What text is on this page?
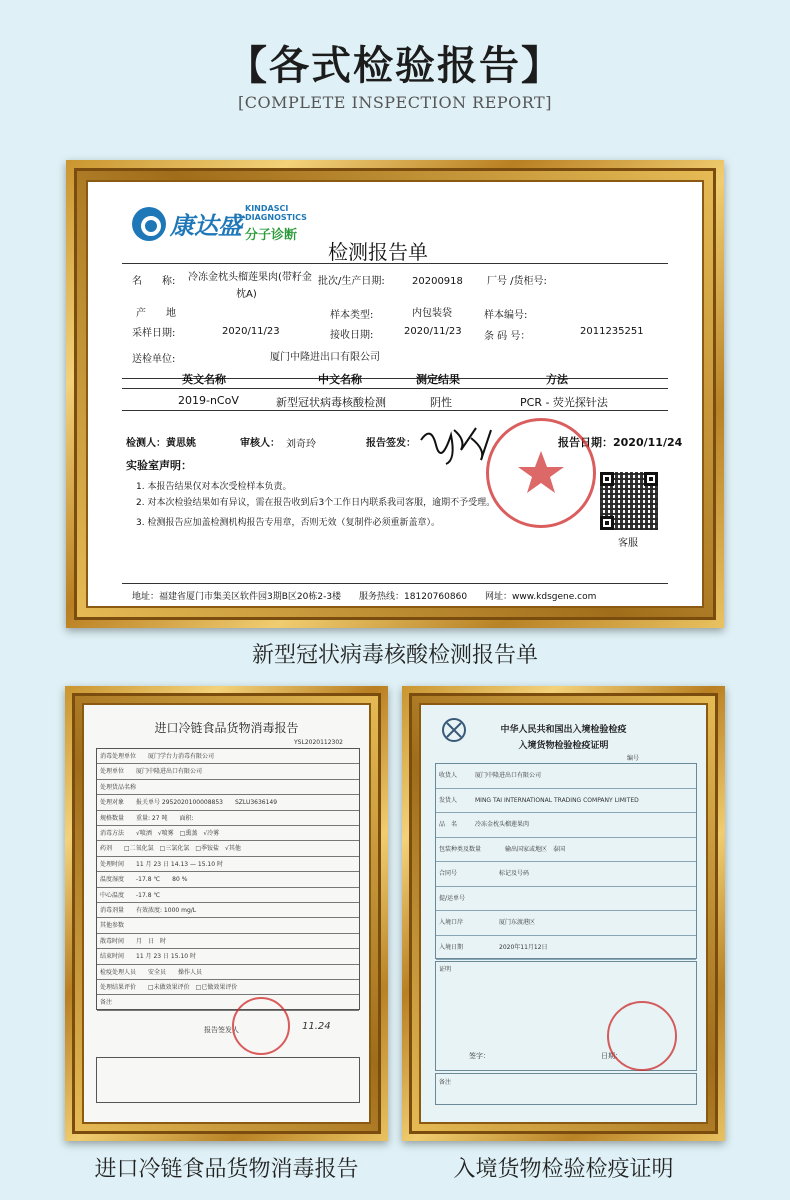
【各式检验报告】
[COMPLETE INSPECTION REPORT]
康达盛
KINDASCI
DIAGNOSTICS
分子诊断
检测报告单
名　　称: 冷冻金枕头榴莲果肉(带籽金
枕A)
批次/生产日期:	20200918 厂号 /货柜号:
产　　地	样本类型:	内包装袋	样本编号:
采样日期:	2020/11/23	接收日期:	2020/11/23 条 码 号：	2011235251
送检单位:	厦门中隆进出口有限公司
英文名称	中文名称	测定结果	方法
2019-nCoV	新型冠状病毒核酸检测	阴性	PCR - 荧光探针法
检测人：黄思姚	审核人： 刘奇玲	报告签发：	报告日期：2020/11/24
实验室声明：
1. 本报告结果仅对本次受检样本负责。
2. 对本次检验结果如有异议，需在报告收到后3个工作日内联系我司客服，逾期不予受理。
3. 检测报告应加盖检测机构报告专用章，否则无效（复制件必须重新盖章）。
客服
地址：福建省厦门市集美区软件园3期B区20栋2-3楼　　服务热线：18120760860　　网址：www.kdsgene.com
新型冠状病毒核酸检测报告单
进口冷链食品货物消毒报告
YSL2020112302
消毒处理单位　　厦门学台力消毒有限公司
处理单位　　厦门中隆进出口有限公司
处理货品名称
处理对象　　报关单号 2952020100008853　　SZLU3636149
规格数量　　重量: 27 吨　　面积:
消毒方法　　√喷洒　√喷雾　□熏蒸　√冷雾
药剂　　□二氧化氯　□三氯化氯　□季铵盐　√其他
处理时间　　11 月 23 日 14.13 — 15.10 时
温度湿度　　-17.8 ℃　　80 %
中心温度　　-17.8 ℃
消毒剂量　　有效浓度: 1000 mg/L
其他参数
散毒时间　　月　日　时
结束时间　　11 月 23 日 15.10 时
检疫处理人员　　安全员　　操作人员
处理结果评价　　□未做效果评价　□已做效果评价
备注
报告签发人	11.24
中华人民共和国出入境检验检疫
入境货物检验检疫证明
编号
收货人　　　厦门中隆进出口有限公司
发货人　　　MING TAI INTERNATIONAL TRADING COMPANY LIMITED
品　名　　　冷冻金枕头榴莲果肉
包装种类及数量　　　　输出国家或地区　泰国
合同号　　　　　　　标记及号码
提/运单号
入境口岸　　　　　　厦门东渡港区
入境日期　　　　　　2020年11月12日
证明
签字：	日期：
备注
进口冷链食品货物消毒报告	入境货物检验检疫证明
